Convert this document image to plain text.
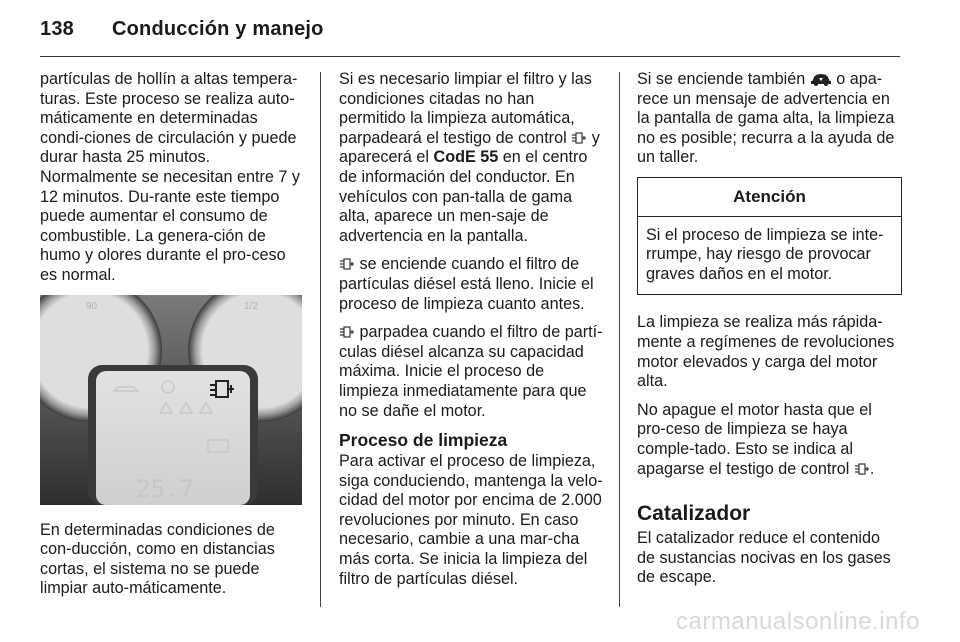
138 Conducción y manejo

partículas de hollín a altas tempera-turas. Este proceso se realiza auto-máticamente en determinadas condi-ciones de circulación y puede durar hasta 25 minutos. Normalmente se necesitan entre 7 y 12 minutos. Du-rante este tiempo puede aumentar el consumo de combustible. La genera-ción de humo y olores durante el pro-ceso es normal.

90	1/2
25.7

En determinadas condiciones de con-ducción, como en distancias cortas, el sistema no se puede limpiar auto-máticamente.

Si es necesario limpiar el filtro y las condiciones citadas no han permitido la limpieza automática, parpadeará el testigo de control y aparecerá el CodE 55 en el centro de información del conductor. En vehículos con pan-talla de gama alta, aparece un men-saje de advertencia en la pantalla.

se enciende cuando el filtro de partículas diésel está lleno. Inicie el proceso de limpieza cuanto antes.

parpadea cuando el filtro de partí-culas diésel alcanza su capacidad máxima. Inicie el proceso de limpieza inmediatamente para que no se dañe el motor.

Proceso de limpieza

Para activar el proceso de limpieza, siga conduciendo, mantenga la velo-cidad del motor por encima de 2.000 revoluciones por minuto. En caso necesario, cambie a una mar-cha más corta. Se inicia la limpieza del filtro de partículas diésel.

Si se enciende también o apa-rece un mensaje de advertencia en la pantalla de gama alta, la limpieza no es posible; recurra a la ayuda de un taller.

Atención
Si el proceso de limpieza se inte-rrumpe, hay riesgo de provocar graves daños en el motor.

La limpieza se realiza más rápida-mente a regímenes de revoluciones motor elevados y carga del motor alta.

No apague el motor hasta que el pro-ceso de limpieza se haya comple-tado. Esto se indica al apagarse el testigo de control .

Catalizador

El catalizador reduce el contenido de sustancias nocivas en los gases de escape.

carmanualsonline.info
